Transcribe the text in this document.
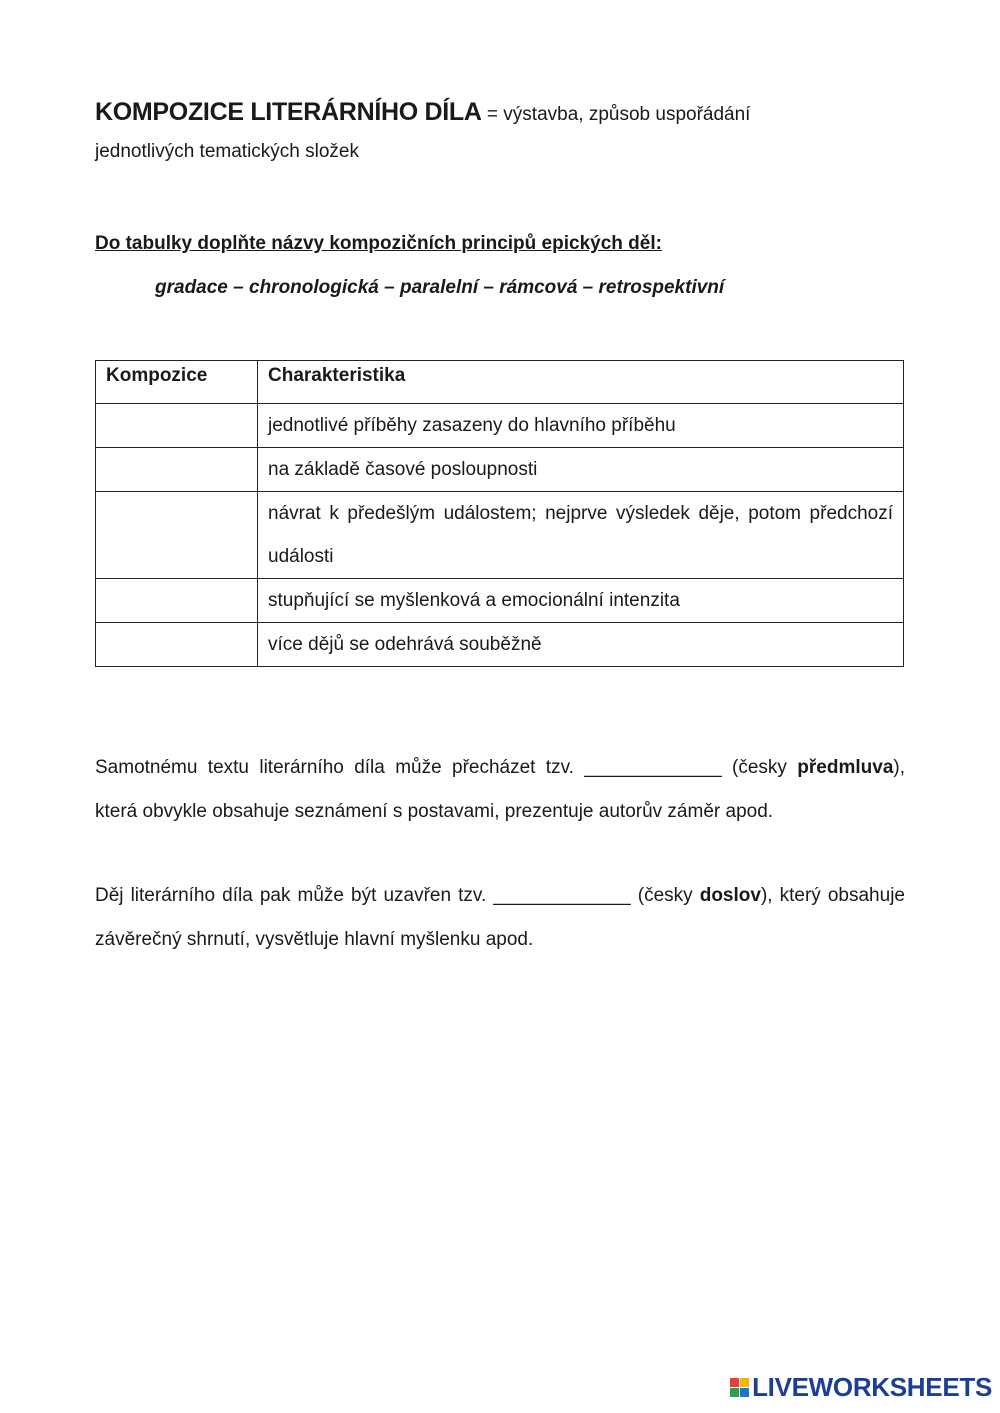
KOMPOZICE LITERÁRNÍHO DÍLA = výstavba, způsob uspořádání
jednotlivých tematických složek
Do tabulky doplňte názvy kompozičních principů epických děl:
gradace – chronologická – paralelní – rámcová – retrospektivní
Kompozice	Charakteristika
	jednotlivé příběhy zasazeny do hlavního příběhu
	na základě časové posloupnosti
	návrat k předešlým událostem; nejprve výsledek děje, potom předchozí události
	stupňující se myšlenková a emocionální intenzita
	více dějů se odehrává souběžně
Samotnému textu literárního díla může přecházet tzv. _____________ (česky předmluva), která obvykle obsahuje seznámení s postavami, prezentuje autorův záměr apod.
Děj literárního díla pak může být uzavřen tzv. _____________ (česky doslov), který obsahuje závěrečný shrnutí, vysvětluje hlavní myšlenku apod.
LIVEWORKSHEETS
